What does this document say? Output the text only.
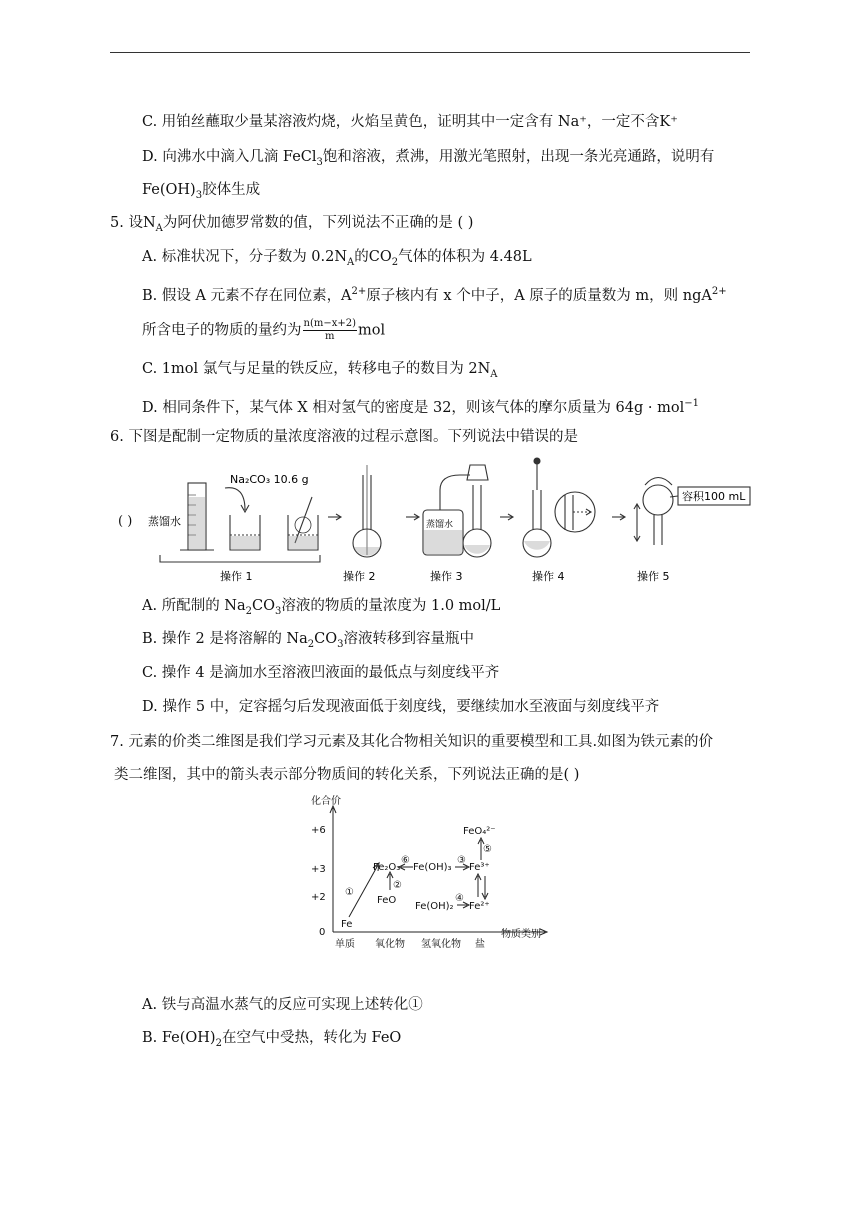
C. 用铂丝蘸取少量某溶液灼烧，火焰呈黄色，证明其中一定含有 Na⁺，一定不含K⁺
D. 向沸水中滴入几滴 FeCl$_3$饱和溶液，煮沸，用激光笔照射，出现一条光亮通路，说明有
$Fe(OH)_3$胶体生成
5. 设$N_A$为阿伏加德罗常数的值，下列说法不正确的是 ( )
A. 标准状况下，分子数为 $0.2N_A$的$CO_2$气体的体积为 4.48L
B. 假设 A 元素不存在同位素，$A^{2+}$原子核内有 x 个中子，A 原子的质量数为 m，则 ngA$^{2+}$
所含电子的物质的量约为 $\frac{n(m-x+2)}{m}$ mol
C. 1mol 氯气与足量的铁反应，转移电子的数目为 $2N_A$
D. 相同条件下，某气体 X 相对氢气的密度是 32，则该气体的摩尔质量为 64g · mol$^{-1}$
6. 下图是配制一定物质的量浓度溶液的过程示意图。下列说法中错误的是
( ) 蒸馏水
Na₂CO₃ 10.6 g
蒸馏水
容积100 mL
操作 1	操作 2	操作 3	操作 4	操作 5
A. 所配制的 $Na_2CO_3$溶液的物质的量浓度为 1.0 mol/L
B. 操作 2 是将溶解的 $Na_2CO_3$溶液转移到容量瓶中
C. 操作 4 是滴加水至溶液凹液面的最低点与刻度线平齐
D. 操作 5 中，定容摇匀后发现液面低于刻度线，要继续加水至液面与刻度线平齐
7. 元素的价类二维图是我们学习元素及其化合物相关知识的重要模型和工具.如图为铁元素的价
类二维图，其中的箭头表示部分物质间的转化关系，下列说法正确的是( )
化合价
物质类别
+6
+3
+2
0
单质 氧化物 氢氧化物 盐
Fe
Fe₂O₃
FeO
Fe(OH)₃
Fe(OH)₂
Fe³⁺
Fe²⁺
FeO₄²⁻
①
②
③
④
⑤
⑥
A. 铁与高温水蒸气的反应可实现上述转化①
B. $Fe(OH)_2$在空气中受热，转化为 FeO
